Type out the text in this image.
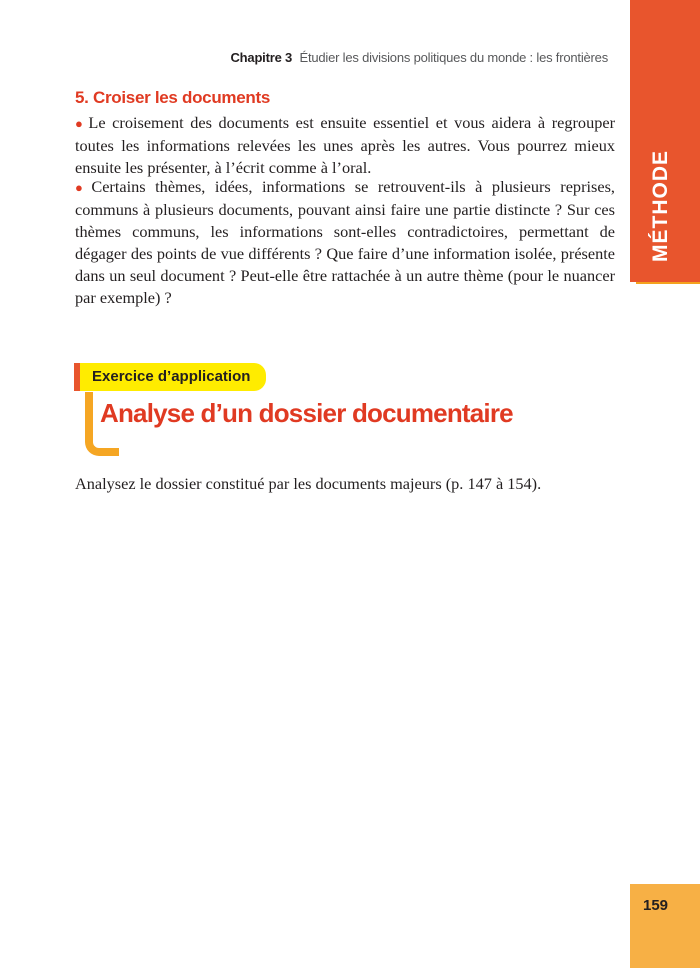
Chapitre 3 Étudier les divisions politiques du monde : les frontières
MÉTHODE
5. Croiser les documents

● Le croisement des documents est ensuite essentiel et vous aidera à regrouper toutes les informations relevées les unes après les autres. Vous pourrez mieux ensuite les présenter, à l’écrit comme à l’oral.

● Certains thèmes, idées, informations se retrouvent-ils à plusieurs reprises, communs à plusieurs documents, pouvant ainsi faire une partie distincte ? Sur ces thèmes communs, les informations sont-elles contradictoires, permettant de dégager des points de vue différents ? Que faire d’une information isolée, présente dans un seul document ? Peut-elle être rattachée à un autre thème (pour le nuancer par exemple) ?

Exercice d’application
Analyse d’un dossier documentaire
Analysez le dossier constitué par les documents majeurs (p. 147 à 154).
159
